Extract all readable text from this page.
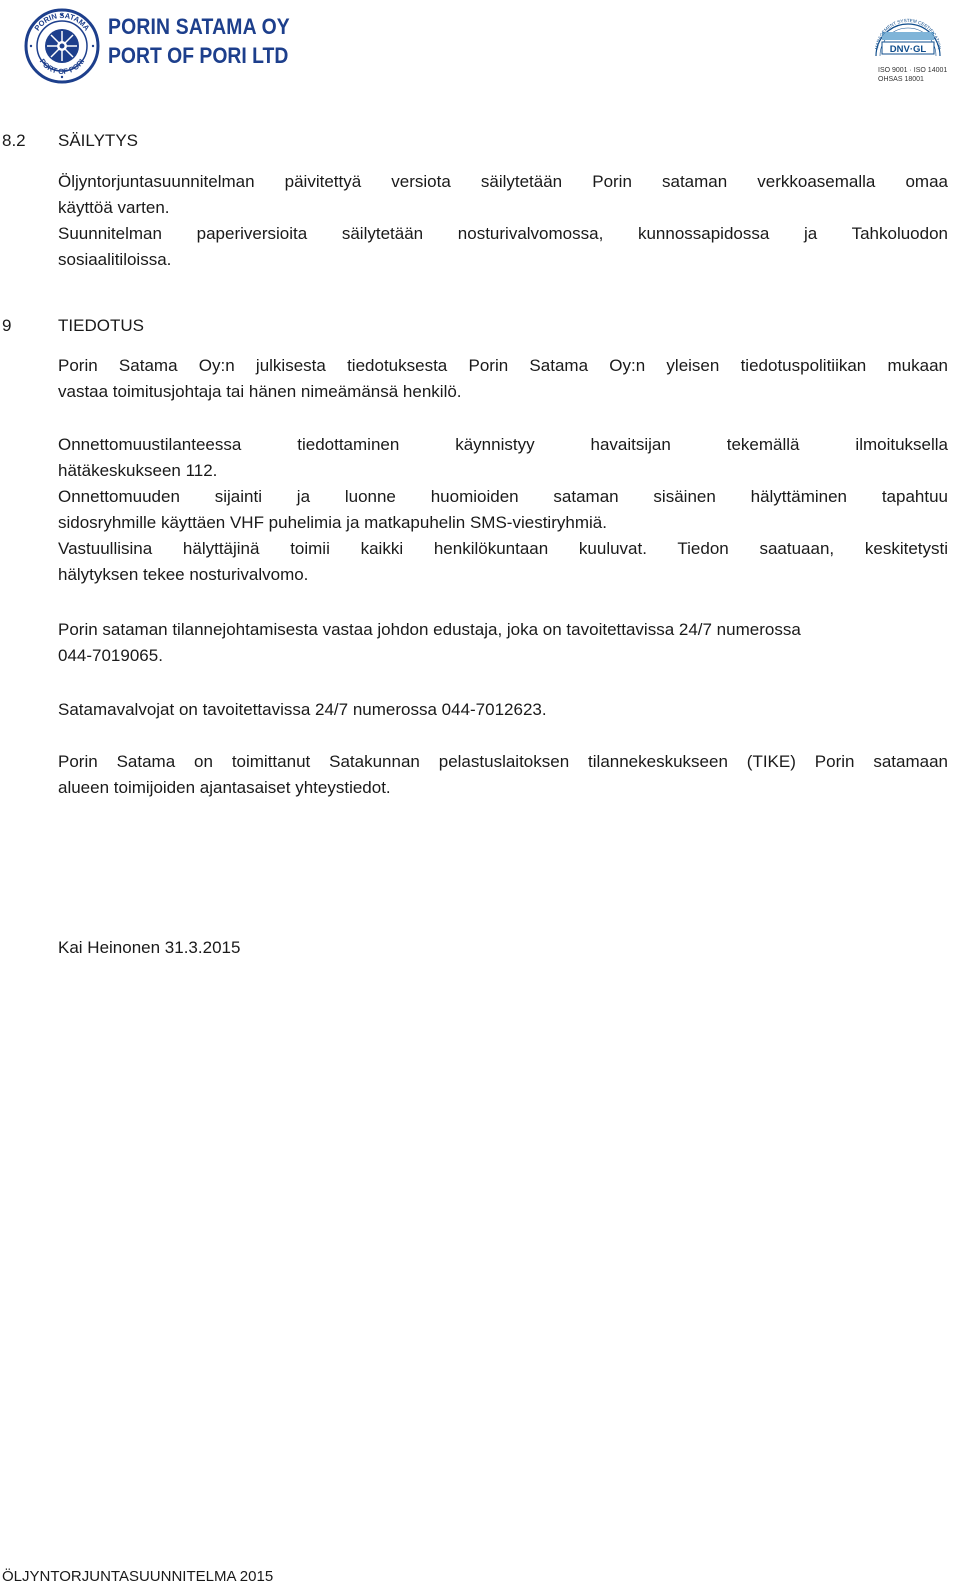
PORIN SATAMA
PORT OF PORI
PORIN SATAMA OY
PORT OF PORI LTD	DNV·GL
MANAGEMENT SYSTEM CERTIFICATION
ISO 9001 · ISO 14001
OHSAS 18001
8.2 SÄILYTYS
Öljyntorjuntasuunnitelman päivitettyä versiota säilytetään Porin sataman verkkoasemalla omaa
käyttöä varten.
Suunnitelman paperiversioita säilytetään nosturivalvomossa, kunnossapidossa ja Tahkoluodon
sosiaalitiloissa.
9	TIEDOTUS
Porin Satama Oy:n julkisesta tiedotuksesta Porin Satama Oy:n yleisen tiedotuspolitiikan mukaan
vastaa toimitusjohtaja tai hänen nimeämänsä henkilö.
Onnettomuustilanteessa tiedottaminen käynnistyy havaitsijan tekemällä ilmoituksella
hätäkeskukseen 112.
Onnettomuuden sijainti ja luonne huomioiden sataman sisäinen hälyttäminen tapahtuu
sidosryhmille käyttäen VHF puhelimia ja matkapuhelin SMS-viestiryhmiä.
Vastuullisina hälyttäjinä toimii kaikki henkilökuntaan kuuluvat. Tiedon saatuaan, keskitetysti
hälytyksen tekee nosturivalvomo.
Porin sataman tilannejohtamisesta vastaa johdon edustaja, joka on tavoitettavissa 24/7 numerossa
044-7019065.
Satamavalvojat on tavoitettavissa 24/7 numerossa 044-7012623.
Porin Satama on toimittanut Satakunnan pelastuslaitoksen tilannekeskukseen (TIKE) Porin satamaan
alueen toimijoiden ajantasaiset yhteystiedot.
Kai Heinonen 31.3.2015
ÖLJYNTORJUNTASUUNNITELMA 2015
